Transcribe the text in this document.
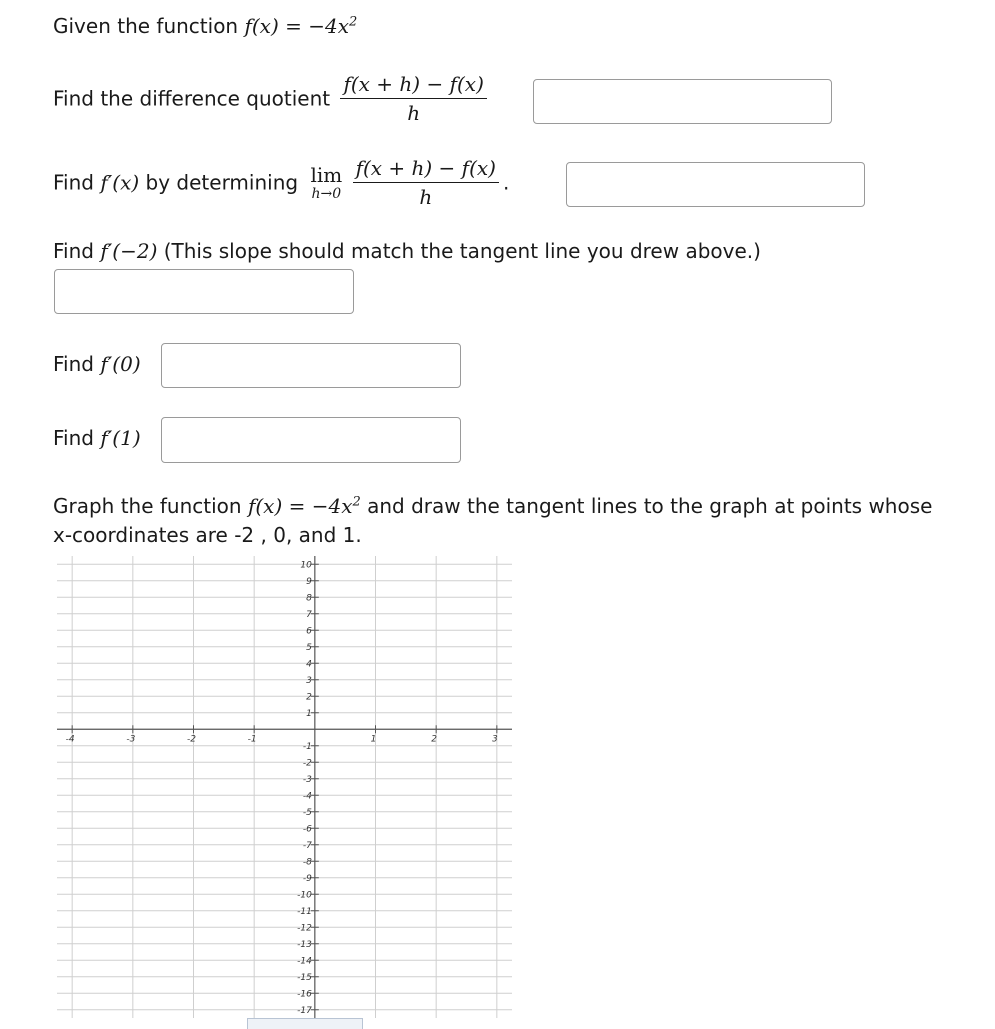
Given the function $f(x) = -4x^2$
Find the difference quotient $\frac{f(x + h) - f(x)}{h}$
Find f′(x) by determining lim
h→0
$\frac{f(x + h) - f(x)}{h}$ .
Find f′(−2) (This slope should match the tangent line you drew above.)
Find f′(0)
Find f′(1)
Graph the function $f(x) = -4x^2$ and draw the tangent lines to the graph at points whose
x-coordinates are -2 , 0, and 1.
-4	-3	-2	-1	1	2	3
10
9
8
7
6
5
4
3
2
1
-1
-2
-3
-4
-5
-6
-7
-8
-9
-10
-11
-12
-13
-14
-15
-16
-17
